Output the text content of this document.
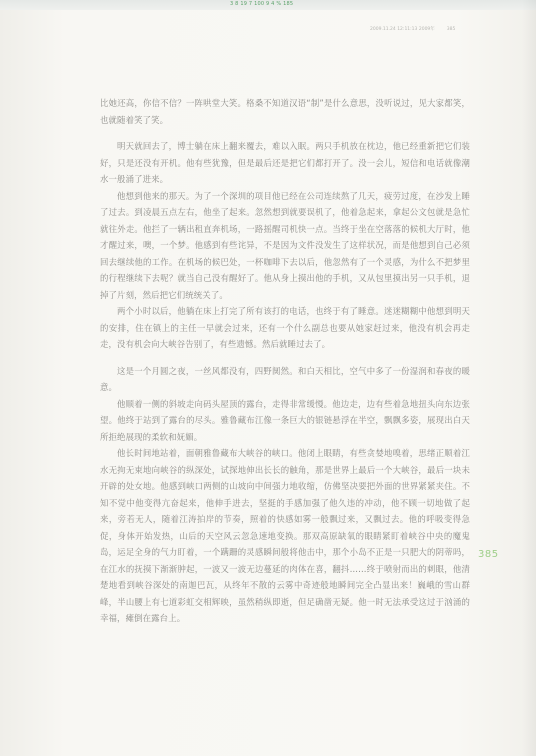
3 8 19 7 100 9 4 % 185
2009.11.24 12:11:13 2009年	385

比她还高，你信不信？一阵哄堂大笑。格桑不知道汉语“制”是什么意思，没听说过，见大家都笑，也就随着笑了笑。

明天就回去了，博士躺在床上翻来覆去，难以入眠。两只手机放在枕边，他已经重新把它们装好，只是还没有开机。他有些犹豫，但是最后还是把它们都打开了。没一会儿，短信和电话就像潮水一般涌了进来。

他想到他来的那天。为了一个深圳的项目他已经在公司连续熬了几天，疲劳过度，在沙发上睡了过去。到凌晨五点左右，他坐了起来。忽然想到就要误机了，他着急起来，拿起公文包就是急忙就往外走。他拦了一辆出租直奔机场，一路摇醒司机快一点。当终于坐在空落落的候机大厅时，他才醒过来，噢，一个梦。他感到有些诧异，不是因为文件没发生了这样状况，而是他想到自己必须回去继续他的工作。在机场的候巴处，一杯咖啡下去以后，他忽然有了一个灵感，为什么不把梦里的行程继续下去呢？就当自己没有醒好了。他从身上摸出他的手机，又从包里摸出另一只手机，退掉了片刻，然后把它们统统关了。

两个小时以后，他躺在床上打完了所有该打的电话，也终于有了睡意。迷迷糊糊中他想到明天的安排，住在镇上的主任一早就会过来，还有一个什么副总也要从她家赶过来，他没有机会再走走，没有机会向大峡谷告别了，有些遗憾。然后就睡过去了。

这是一个月圆之夜，一丝风都没有，四野阒然。和白天相比，空气中多了一份湿润和春夜的暖意。

他顺着一侧的斜坡走向码头屋顶的露台，走得非常缓慢。他边走，边有些着急地扭头向东边张望。他终于站到了露台的尽头。雅鲁藏布江像一条巨大的银链悬浮在半空，飘飘多姿，展现出白天所拒绝展现的柔软和妩媚。

他长时间地站着，面朝雅鲁藏布大峡谷的峡口。他闭上眼睛，有些贪婪地嗅着，思绪正顺着江水无拘无束地向峡谷的纵深处，试探地伸出长长的触角，那是世界上最后一个大峡谷，最后一块未开辟的处女地。他感到峡口两侧的山坡向中间强力地收缩，仿佛坚决要把外面的世界紧紧夹住。不知不觉中他变得亢奋起来，他伸手进去，坚挺的手感加强了他久违的冲动，他不顾一切地做了起来，旁若无人，随着江涛拍岸的节奏，照着的快感如雾一般飘过来，又飘过去。他的呼吸变得急促，身体开始发热，山后的天空风云忽急速地变换。那双高原缺氧的眼睛紧盯着峡谷中央的魔鬼岛，运足全身的气力盯着，一个蹒跚的灵感瞬间般将他击中，那个小岛不正是一只肥大的阴蒂吗，在江水的抚摸下渐渐肿起，一波又一波无边蔓延的肉体在喜，翻抖……终于喷射而出的刺眼，他清楚地看到峡谷深处的南迦巴瓦，从终年不散的云雾中奇迹般地瞬间完全凸显出来！巍峨的雪山群峰，半山腰上有七道彩虹交相辉映，虽然稍纵即逝，但足确凿无疑。他一时无法承受这过于汹涌的幸福，瘫倒在露台上。

385
